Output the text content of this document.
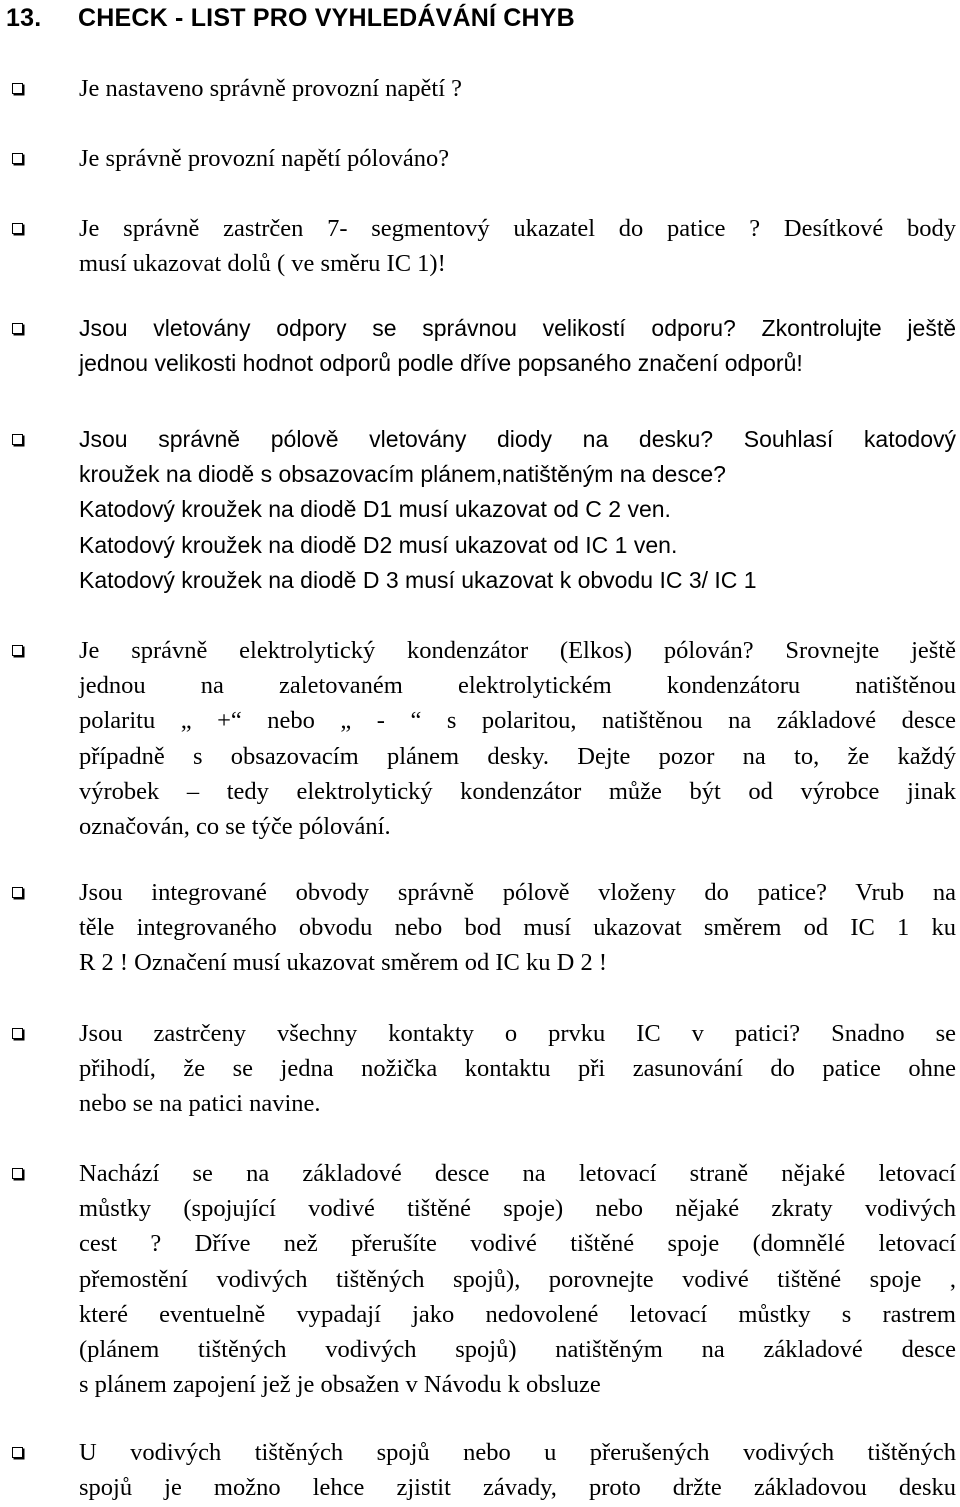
13. CHECK - LIST PRO VYHLEDÁVÁNÍ CHYB
Je nastaveno správně provozní napětí ?
Je správně provozní napětí pólováno?
Je správně zastrčen 7- segmentový ukazatel do patice ? Desítkové body
musí ukazovat dolů ( ve směru IC 1)!
Jsou vletovány odpory se správnou velikostí odporu? Zkontrolujte ještě
jednou velikosti hodnot odporů podle dříve popsaného značení odporů!
Jsou správně pólově vletovány diody na desku? Souhlasí katodový
kroužek na diodě s obsazovacím plánem,natištěným na desce?
Katodový kroužek na diodě D1 musí ukazovat od C 2 ven.
Katodový kroužek na diodě D2 musí ukazovat od IC 1 ven.
Katodový kroužek na diodě D 3 musí ukazovat k obvodu IC 3/ IC 1
Je správně elektrolytický kondenzátor (Elkos) pólován? Srovnejte ještě
jednou na zaletovaném elektrolytickém kondenzátoru natištěnou
polaritu „ +“ nebo „ - “ s polaritou, natištěnou na základové desce
případně s obsazovacím plánem desky. Dejte pozor na to, že každý
výrobek – tedy elektrolytický kondenzátor může být od výrobce jinak
označován, co se týče pólování.
Jsou integrované obvody správně pólově vloženy do patice? Vrub na
těle integrovaného obvodu nebo bod musí ukazovat směrem od IC 1 ku
R 2 ! Označení musí ukazovat směrem od IC ku D 2 !
Jsou zastrčeny všechny kontakty o prvku IC v patici? Snadno se
přihodí, že se jedna nožička kontaktu při zasunování do patice ohne
nebo se na patici navine.
Nachází se na základové desce na letovací straně nějaké letovací
můstky (spojující vodivé tištěné spoje) nebo nějaké zkraty vodivých
cest ? Dříve než přerušíte vodivé tištěné spoje (domnělé letovací
přemostění vodivých tištěných spojů), porovnejte vodivé tištěné spoje ,
které eventuelně vypadají jako nedovolené letovací můstky s rastrem
(plánem tištěných vodivých spojů) natištěným na základové desce
s plánem zapojení jež je obsažen v Návodu k obsluze
U vodivých tištěných spojů nebo u přerušených vodivých tištěných
spojů je možno lehce zjistit závady, proto držte základovou desku
